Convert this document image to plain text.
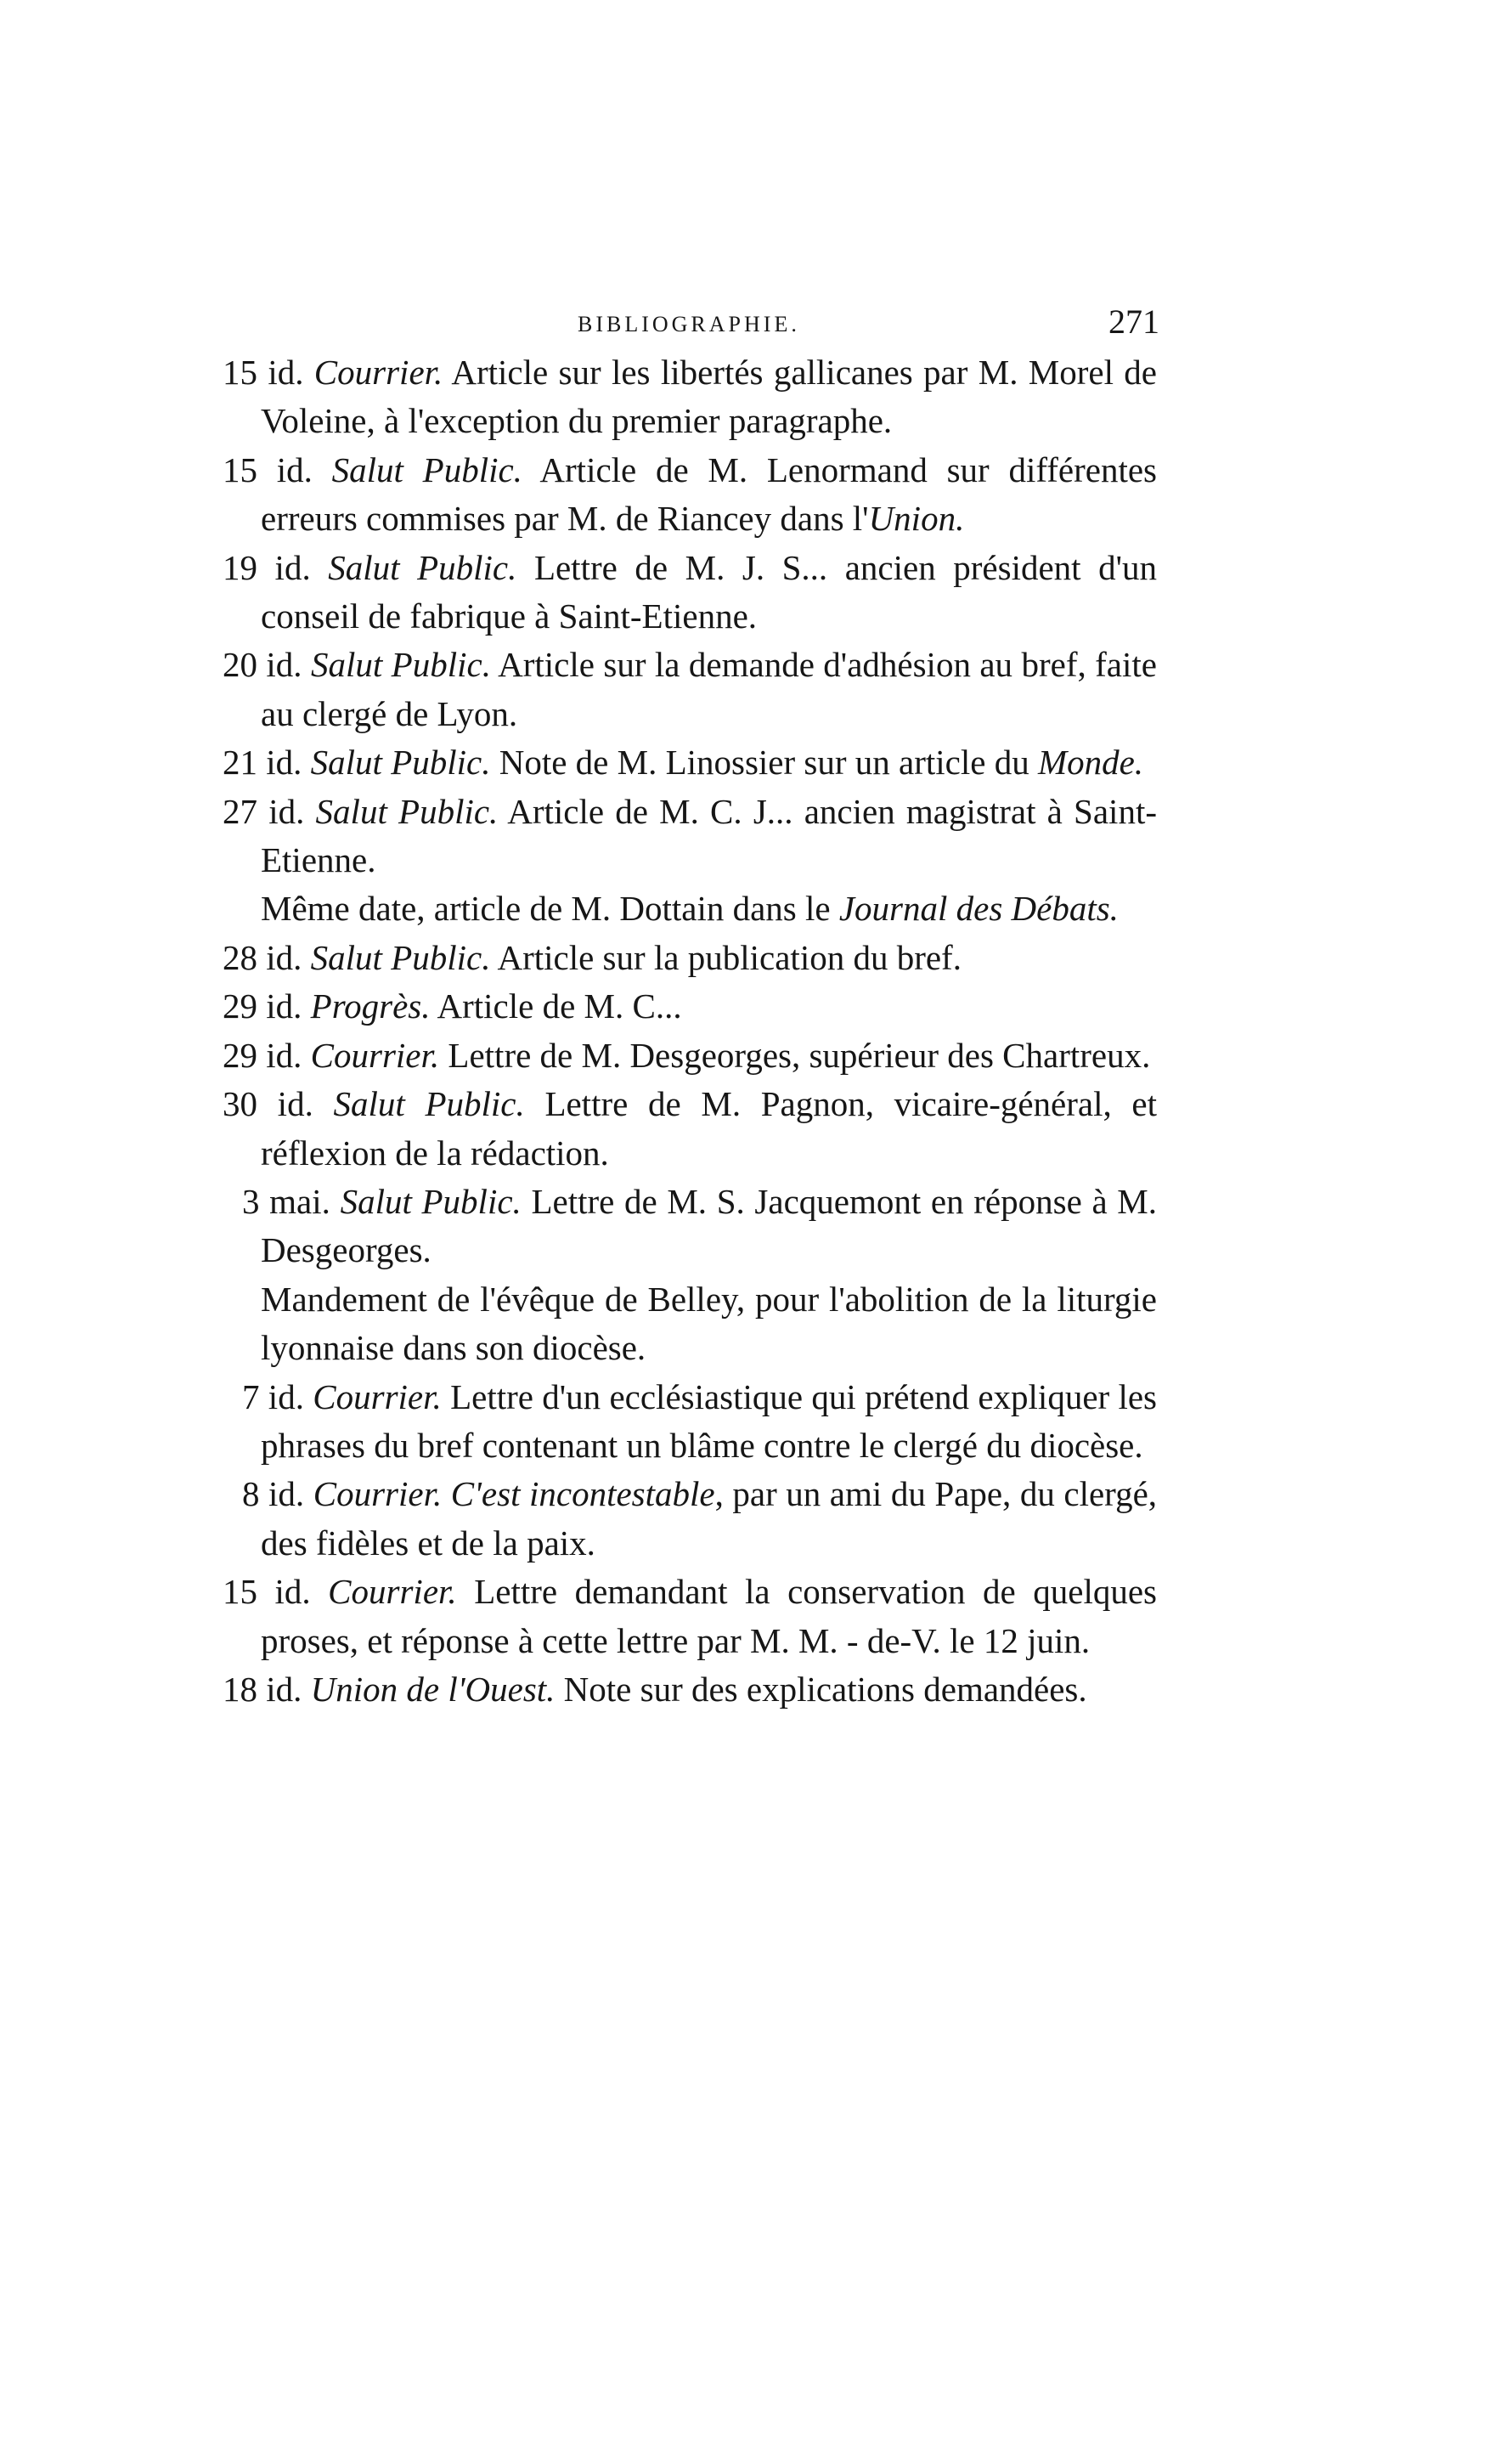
BIBLIOGRAPHIE.	271

15 id. Courrier. Article sur les libertés gallicanes par M. Morel de Voleine, à l'exception du premier paragraphe.

15 id. Salut Public. Article de M. Lenormand sur différentes erreurs commises par M. de Riancey dans l'Union.

19 id. Salut Public. Lettre de M. J. S... ancien président d'un conseil de fabrique à Saint-Etienne.

20 id. Salut Public. Article sur la demande d'adhésion au bref, faite au clergé de Lyon.

21 id. Salut Public. Note de M. Linossier sur un article du Monde.

27 id. Salut Public. Article de M. C. J... ancien magistrat à Saint-Etienne.

Même date, article de M. Dottain dans le Journal des Débats.

28 id. Salut Public. Article sur la publication du bref.

29 id. Progrès. Article de M. C...

29 id. Courrier. Lettre de M. Desgeorges, supérieur des Chartreux.

30 id. Salut Public. Lettre de M. Pagnon, vicaire-général, et réflexion de la rédaction.

3 mai. Salut Public. Lettre de M. S. Jacquemont en réponse à M. Desgeorges.

Mandement de l'évêque de Belley, pour l'abolition de la liturgie lyonnaise dans son diocèse.

7 id. Courrier. Lettre d'un ecclésiastique qui prétend expliquer les phrases du bref contenant un blâme contre le clergé du diocèse.

8 id. Courrier. C'est incontestable, par un ami du Pape, du clergé, des fidèles et de la paix.

15 id. Courrier. Lettre demandant la conservation de quelques proses, et réponse à cette lettre par M. M. - de-V. le 12 juin.

18 id. Union de l'Ouest. Note sur des explications demandées.
